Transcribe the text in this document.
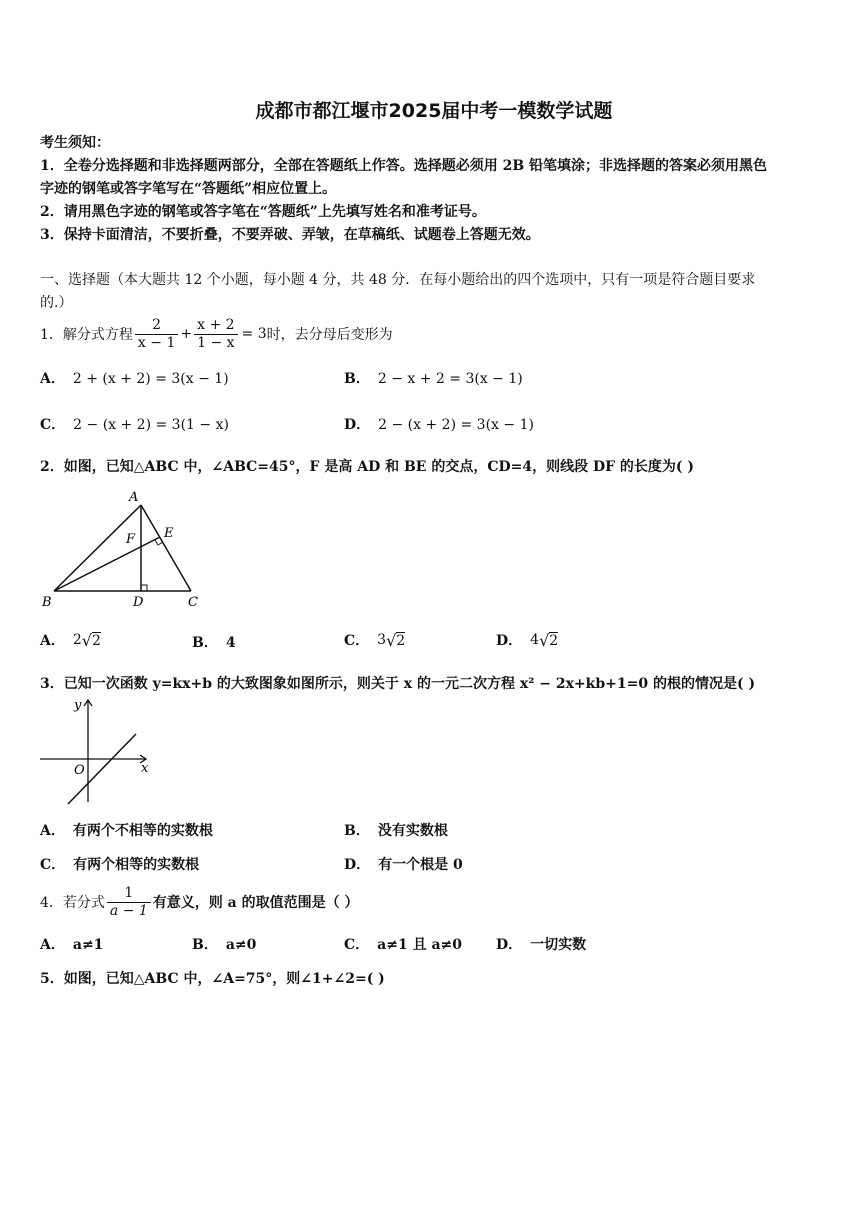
成都市都江堰市2025届中考一模数学试题
考生须知：
1．全卷分选择题和非选择题两部分，全部在答题纸上作答。选择题必须用 2B 铅笔填涂；非选择题的答案必须用黑色
字迹的钢笔或答字笔写在“答题纸”相应位置上。
2．请用黑色字迹的钢笔或答字笔在“答题纸”上先填写姓名和准考证号。
3．保持卡面清洁，不要折叠，不要弄破、弄皱，在草稿纸、试题卷上答题无效。
一、选择题（本大题共 12 个小题，每小题 4 分，共 48 分．在每小题给出的四个选项中，只有一项是符合题目要求
的.）
1．解分式方程 $\frac{2}{x - 1} + \frac{x + 2}{1 - x} = 3$ 时，去分母后变形为
A． 2 + (x + 2) = 3(x − 1)	B． 2 − x + 2 = 3(x − 1)
C． 2 − (x + 2) = 3(1 − x)	D． 2 − (x + 2) = 3(x − 1)
2．如图，已知△ABC 中，∠ABC=45°，F 是高 AD 和 BE 的交点，CD=4，则线段 DF 的长度为( )
A
B	C
D
E
F
A． 2 √ 2	B． 4	C． 3 √ 2	D． 4 √ 2
3．已知一次函数 y=kx+b 的大致图象如图所示，则关于 x 的一元二次方程 x² − 2x+kb+1=0 的根的情况是( )
y
x
O
A． 有两个不相等的实数根	B． 没有实数根
C． 有两个相等的实数根	D． 有一个根是 0
4．若分式 $\frac{1}{a - 1}$ 有意义，则 a 的取值范围是（ ）
A． a≠1	B． a≠0	C． a≠1 且 a≠0 D． 一切实数
5．如图，已知△ABC 中，∠A=75°，则∠1+∠2=( )
